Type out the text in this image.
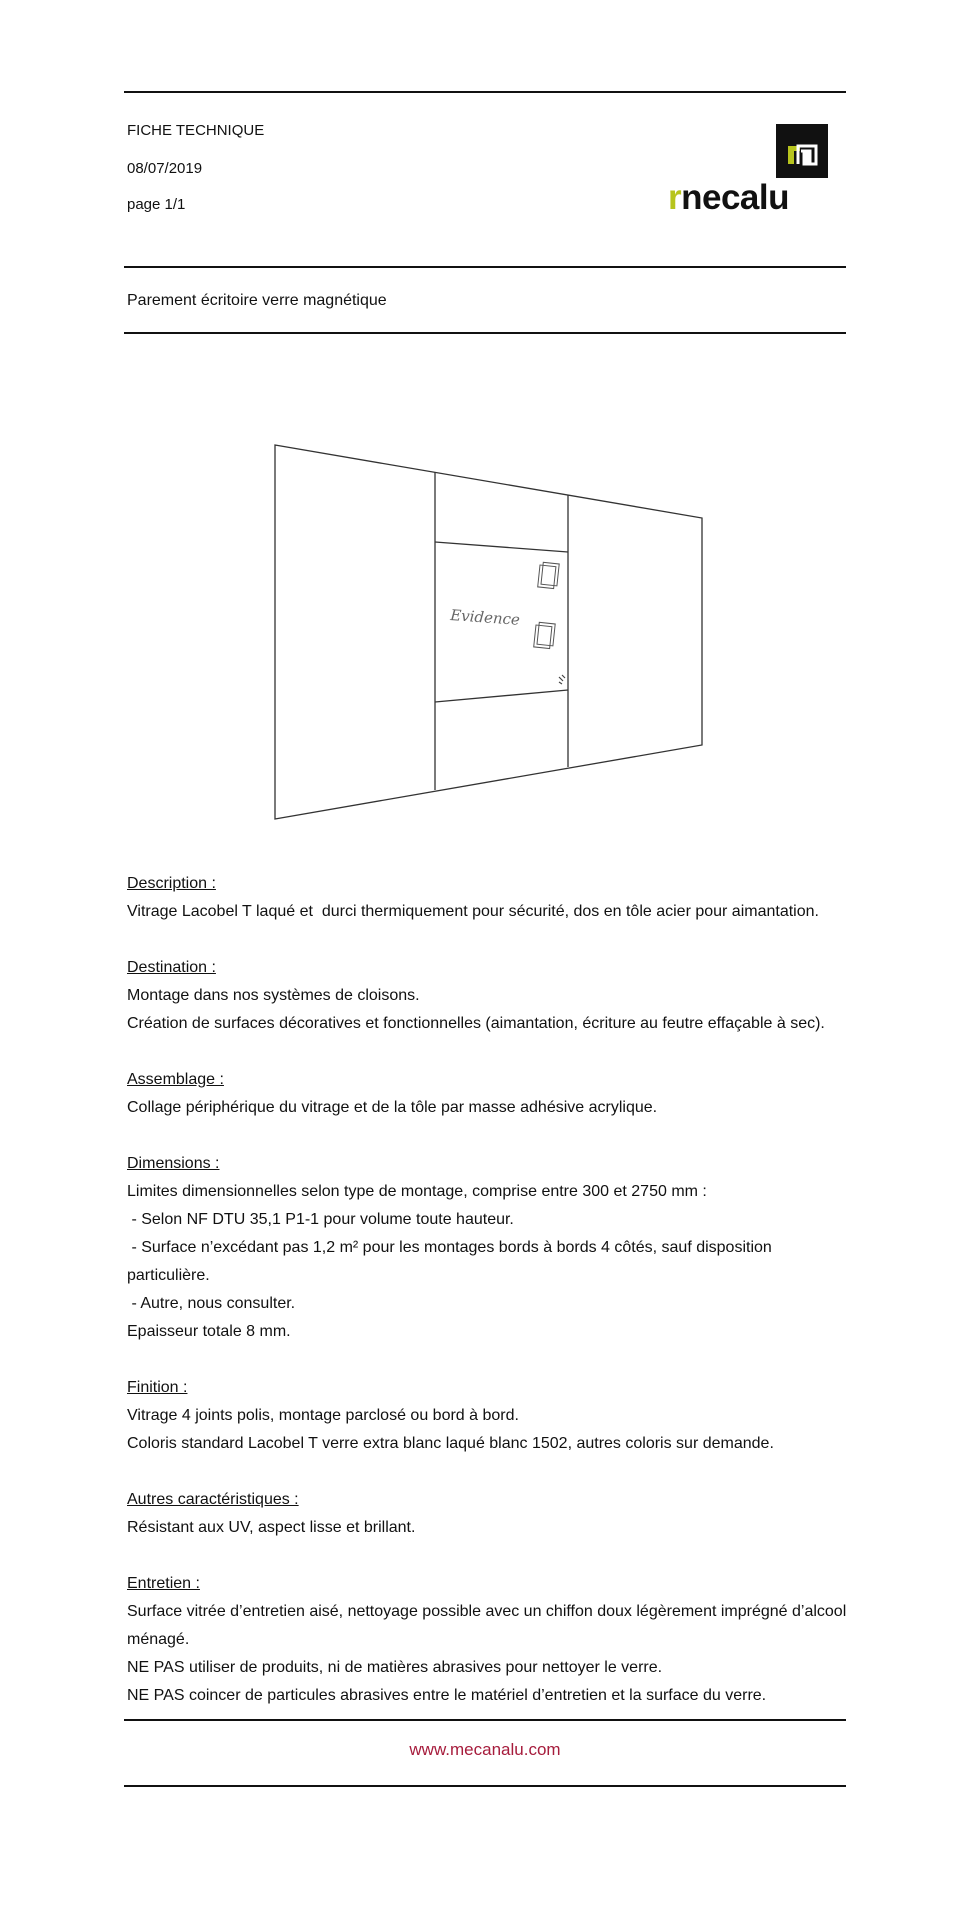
FICHE TECHNIQUE
08/07/2019
page 1/1	rnecalu
Parement écritoire verre magnétique
Evidence
Description :
Vitrage Lacobel T laqué et  durci thermiquement pour sécurité, dos en tôle acier pour aimantation.
Destination :
Montage dans nos systèmes de cloisons.
Création de surfaces décoratives et fonctionnelles (aimantation, écriture au feutre effaçable à sec).
Assemblage :
Collage périphérique du vitrage et de la tôle par masse adhésive acrylique.
Dimensions :
Limites dimensionnelles selon type de montage, comprise entre 300 et 2750 mm :
- Selon NF DTU 35,1 P1-1 pour volume toute hauteur.
- Surface n’excédant pas 1,2 m² pour les montages bords à bords 4 côtés, sauf disposition particulière.
- Autre, nous consulter.
Epaisseur totale 8 mm.
Finition :
Vitrage 4 joints polis, montage parclosé ou bord à bord.
Coloris standard Lacobel T verre extra blanc laqué blanc 1502, autres coloris sur demande.
Autres caractéristiques :
Résistant aux UV, aspect lisse et brillant.
Entretien :
Surface vitrée d’entretien aisé, nettoyage possible avec un chiffon doux légèrement imprégné d’alcool
ménagé.
NE PAS utiliser de produits, ni de matières abrasives pour nettoyer le verre.
NE PAS coincer de particules abrasives entre le matériel d’entretien et la surface du verre.
www.mecanalu.com
